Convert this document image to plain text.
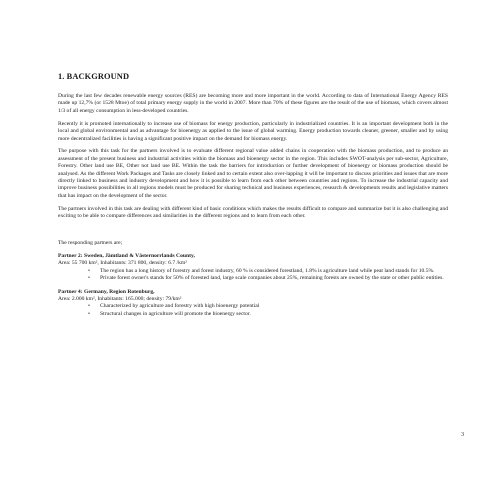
1. BACKGROUND

During the last few decades renewable energy sources (RES) are becoming more and more important in the world. According to data of International Energy Agency RES made up 12,7% (or 1528 Mtoe) of total primary energy supply in the world in 2007. More than 70% of these figures are the result of the use of biomass, which covers almost 1/3 of all energy consumption in less-developed countries.

Recently it is promoted internationally to increase use of biomass for energy production, particularly in industrialized countries. It is an important development both in the local and global environmental and as advantage for bioenergy as applied to the issue of global warming. Energy production towards cleaner, greener, smaller and by using more decentralized facilities is having a significant positive impact on the demand for biomass energy.

The purpose with this task for the partners involved is to evaluate different regional value added chains in cooperation with the biomass production, and to produce an assessment of the present business and industrial activities within the biomass and bioenergy sector in the region. This includes SWOT-analysis per sub-sector, Agriculture, Forestry. Other land use BE, Other not land use BE. Within the task the barriers for introduction or further development of bioenergy or biomass production should be analysed. As the different Work Packages and Tasks are closely linked and to certain extent also over-lapping it will be important to discuss priorities and issues that are more directly linked to business and industry development and how it is possible to learn from each other between countries and regions. To increase the industrial capacity and improve business possibilities in all regions models must be produced for sharing technical and business experiences, research & developments results and legislative matters that has impact on the development of the sector.

The partners involved in this task are dealing with different kind of basic conditions which makes the results difficult to compare and summarize but it is also challenging and exciting to be able to compare differences and similarities in the different regions and to learn from each other.

The responding partners are;

Partner 2: Sweden, Jämtland & Västernorrlands County,

Area: 55 700 km², Inhabitants: 371 800, density: 6.7 /km²

• The region has a long history of forestry and forest industry, 60 % is considered forestland, 1.8% is agriculture land while peat land stands for 10.5%.
• Private forest owner's stands for 50% of forested land, large scale companies about 25%, remaining forests are owned by the state or other public entities.

Partner 4: Germany, Region Rotenburg,

Area: 2.000 km², Inhabitants: 165.000; density: 79/km²

• Characterized by agriculture and forestry with high bioenergy potential
• Structural changes in agriculture will promote the bioenergy sector.
3
